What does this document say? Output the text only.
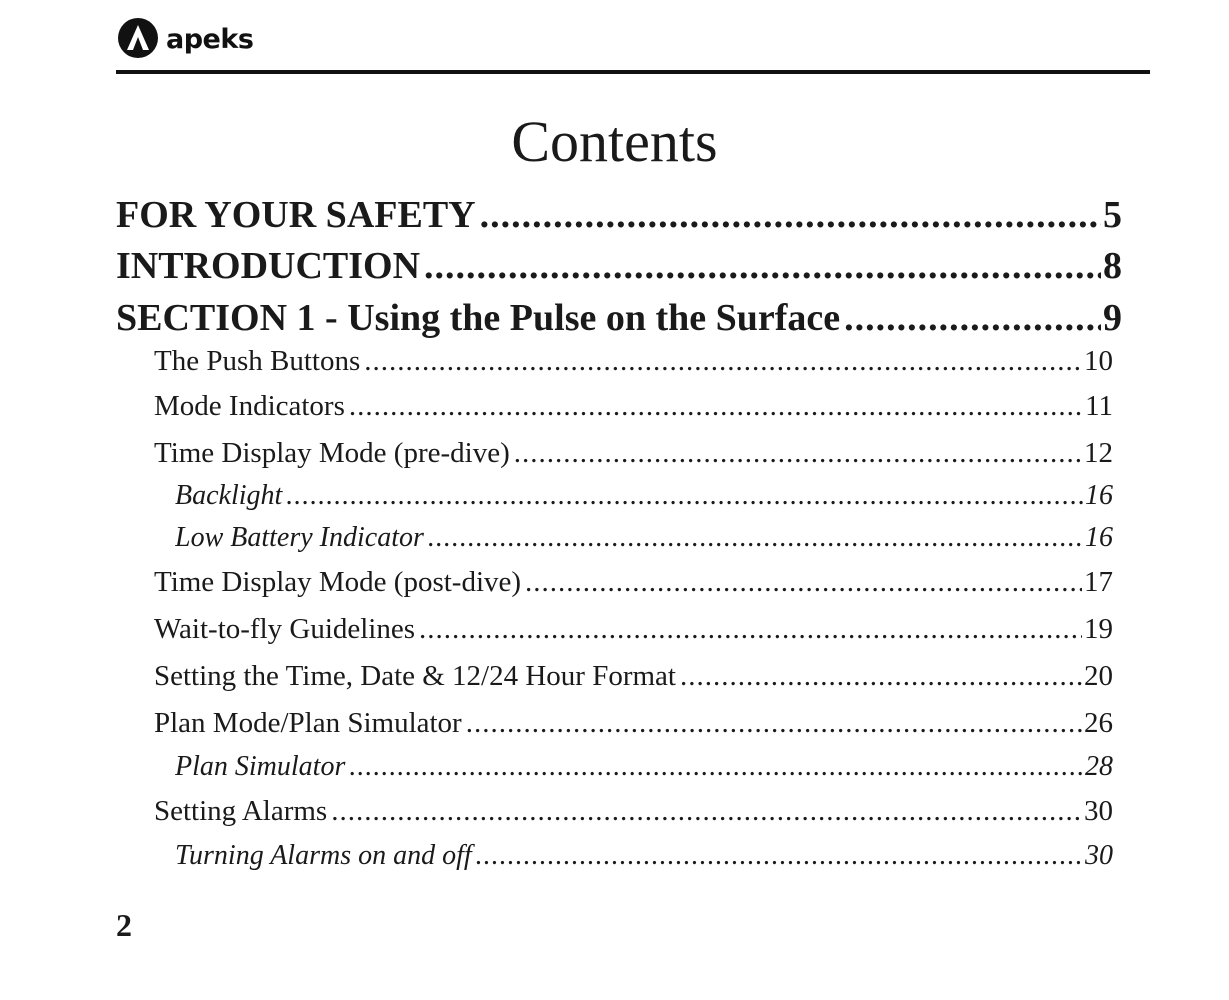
apeks
Contents
FOR YOUR SAFETY .....	5
INTRODUCTION .....	8
SECTION 1 - Using the Pulse on the Surface .....	9
The Push Buttons .....	10
Mode Indicators .....	11
Time Display Mode (pre-dive) .....	12
Backlight .....	16
Low Battery Indicator .....	16
Time Display Mode (post-dive) .....	17
Wait-to-fly Guidelines .....	19
Setting the Time, Date & 12/24 Hour Format .....	20
Plan Mode/Plan Simulator .....	26
Plan Simulator .....	28
Setting Alarms .....	30
Turning Alarms on and off .....	30
2
